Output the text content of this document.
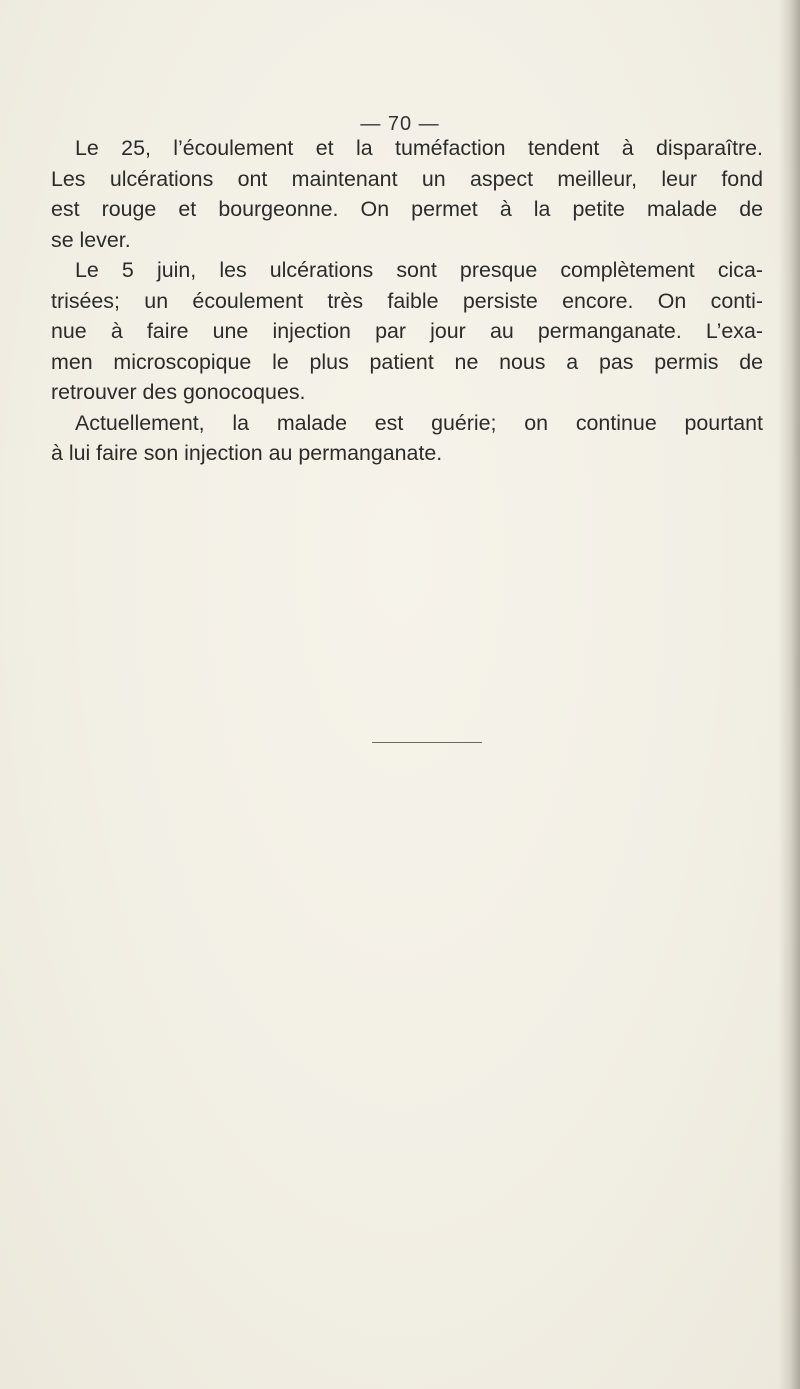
— 70 —

Le 25, l’écoulement et la tuméfaction tendent à disparaître.
Les ulcérations ont maintenant un aspect meilleur, leur fond
est rouge et bourgeonne. On permet à la petite malade de
se lever.

Le 5 juin, les ulcérations sont presque complètement cica-
trisées; un écoulement très faible persiste encore. On conti-
nue à faire une injection par jour au permanganate. L’exa-
men microscopique le plus patient ne nous a pas permis de
retrouver des gonocoques.

Actuellement, la malade est guérie; on continue pourtant
à lui faire son injection au permanganate.
